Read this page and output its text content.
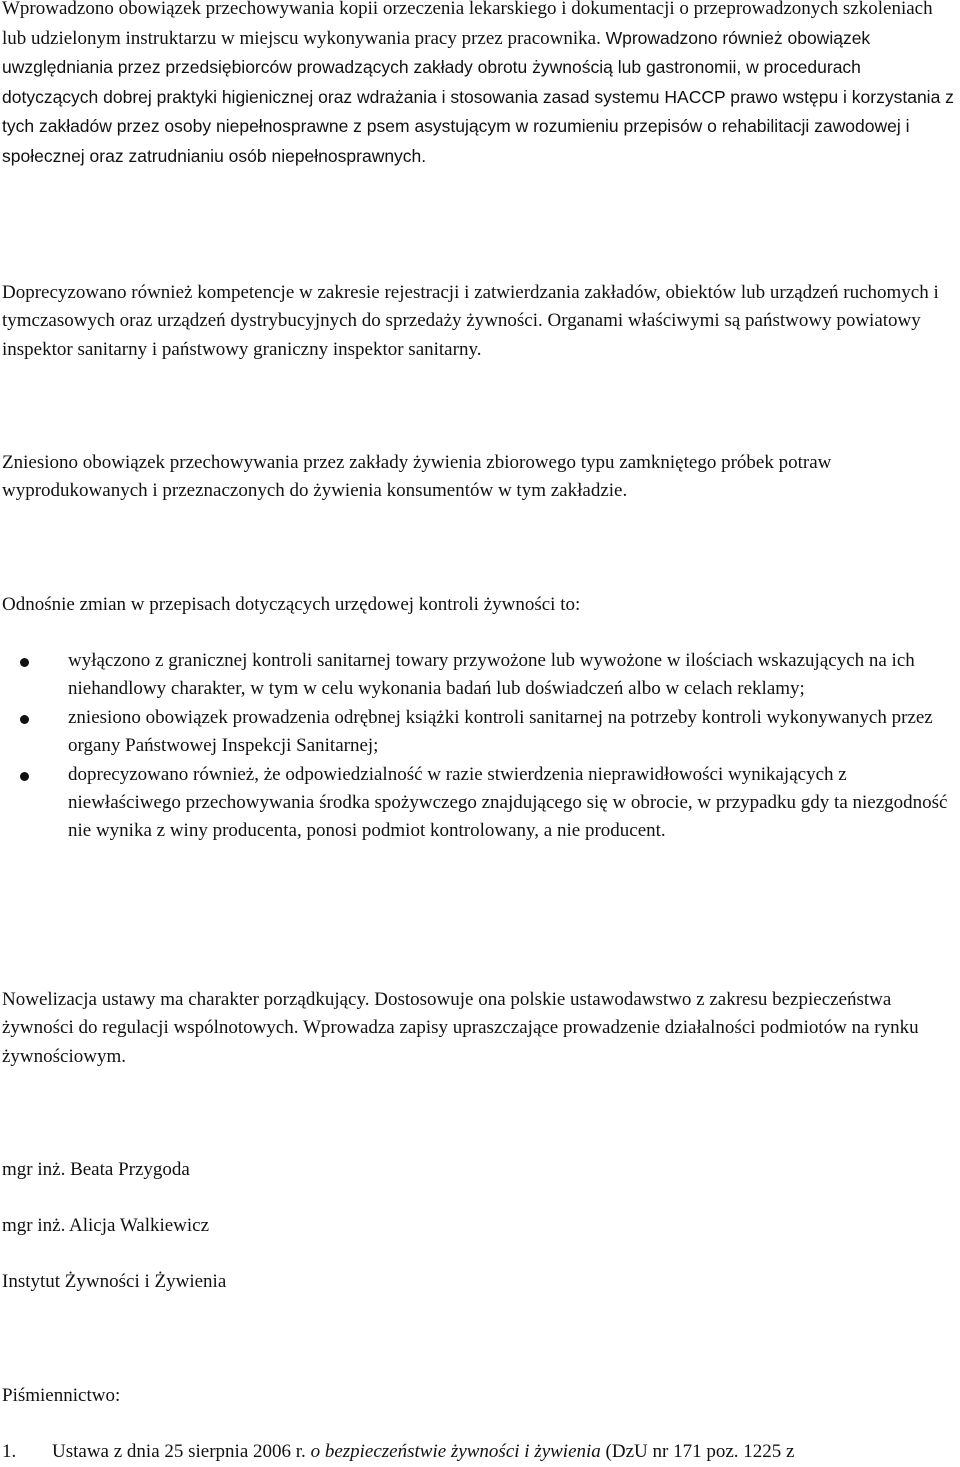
Wprowadzono obowiązek przechowywania kopii orzeczenia lekarskiego i dokumentacji o przeprowadzonych szkoleniach lub udzielonym instruktarzu w miejscu wykonywania pracy przez pracownika. Wprowadzono również obowiązek uwzględniania przez przedsiębiorców prowadzących zakłady obrotu żywnością lub gastronomii, w procedurach dotyczących dobrej praktyki higienicznej oraz wdrażania i stosowania zasad systemu HACCP prawo wstępu i korzystania z tych zakładów przez osoby niepełnosprawne z psem asystującym w rozumieniu przepisów o rehabilitacji zawodowej i społecznej oraz zatrudnianiu osób niepełnosprawnych.

Doprecyzowano również kompetencje w zakresie rejestracji i zatwierdzania zakładów, obiektów lub urządzeń ruchomych i tymczasowych oraz urządzeń dystrybucyjnych do sprzedaży żywności. Organami właściwymi są państwowy powiatowy inspektor sanitarny i państwowy graniczny inspektor sanitarny.

Zniesiono obowiązek przechowywania przez zakłady żywienia zbiorowego typu zamkniętego próbek potraw wyprodukowanych i przeznaczonych do żywienia konsumentów w tym zakładzie.

Odnośnie zmian w przepisach dotyczących urzędowej kontroli żywności to:

wyłączono z granicznej kontroli sanitarnej towary przywożone lub wywożone w ilościach wskazujących na ich niehandlowy charakter, w tym w celu wykonania badań lub doświadczeń albo w celach reklamy;
zniesiono obowiązek prowadzenia odrębnej książki kontroli sanitarnej na potrzeby kontroli wykonywanych przez organy Państwowej Inspekcji Sanitarnej;
doprecyzowano również, że odpowiedzialność w razie stwierdzenia nieprawidłowości wynikających z niewłaściwego przechowywania środka spożywczego znajdującego się w obrocie, w przypadku gdy ta niezgodność nie wynika z winy producenta, ponosi podmiot kontrolowany, a nie producent.

Nowelizacja ustawy ma charakter porządkujący. Dostosowuje ona polskie ustawodawstwo z zakresu bezpieczeństwa żywności do regulacji wspólnotowych. Wprowadza zapisy upraszczające prowadzenie działalności podmiotów na rynku żywnościowym.

mgr inż. Beata Przygoda

mgr inż. Alicja Walkiewicz

Instytut Żywności i Żywienia

Piśmiennictwo:

1. Ustawa z dnia 25 sierpnia 2006 r. o bezpieczeństwie żywności i żywienia (DzU nr 171 poz. 1225 z
